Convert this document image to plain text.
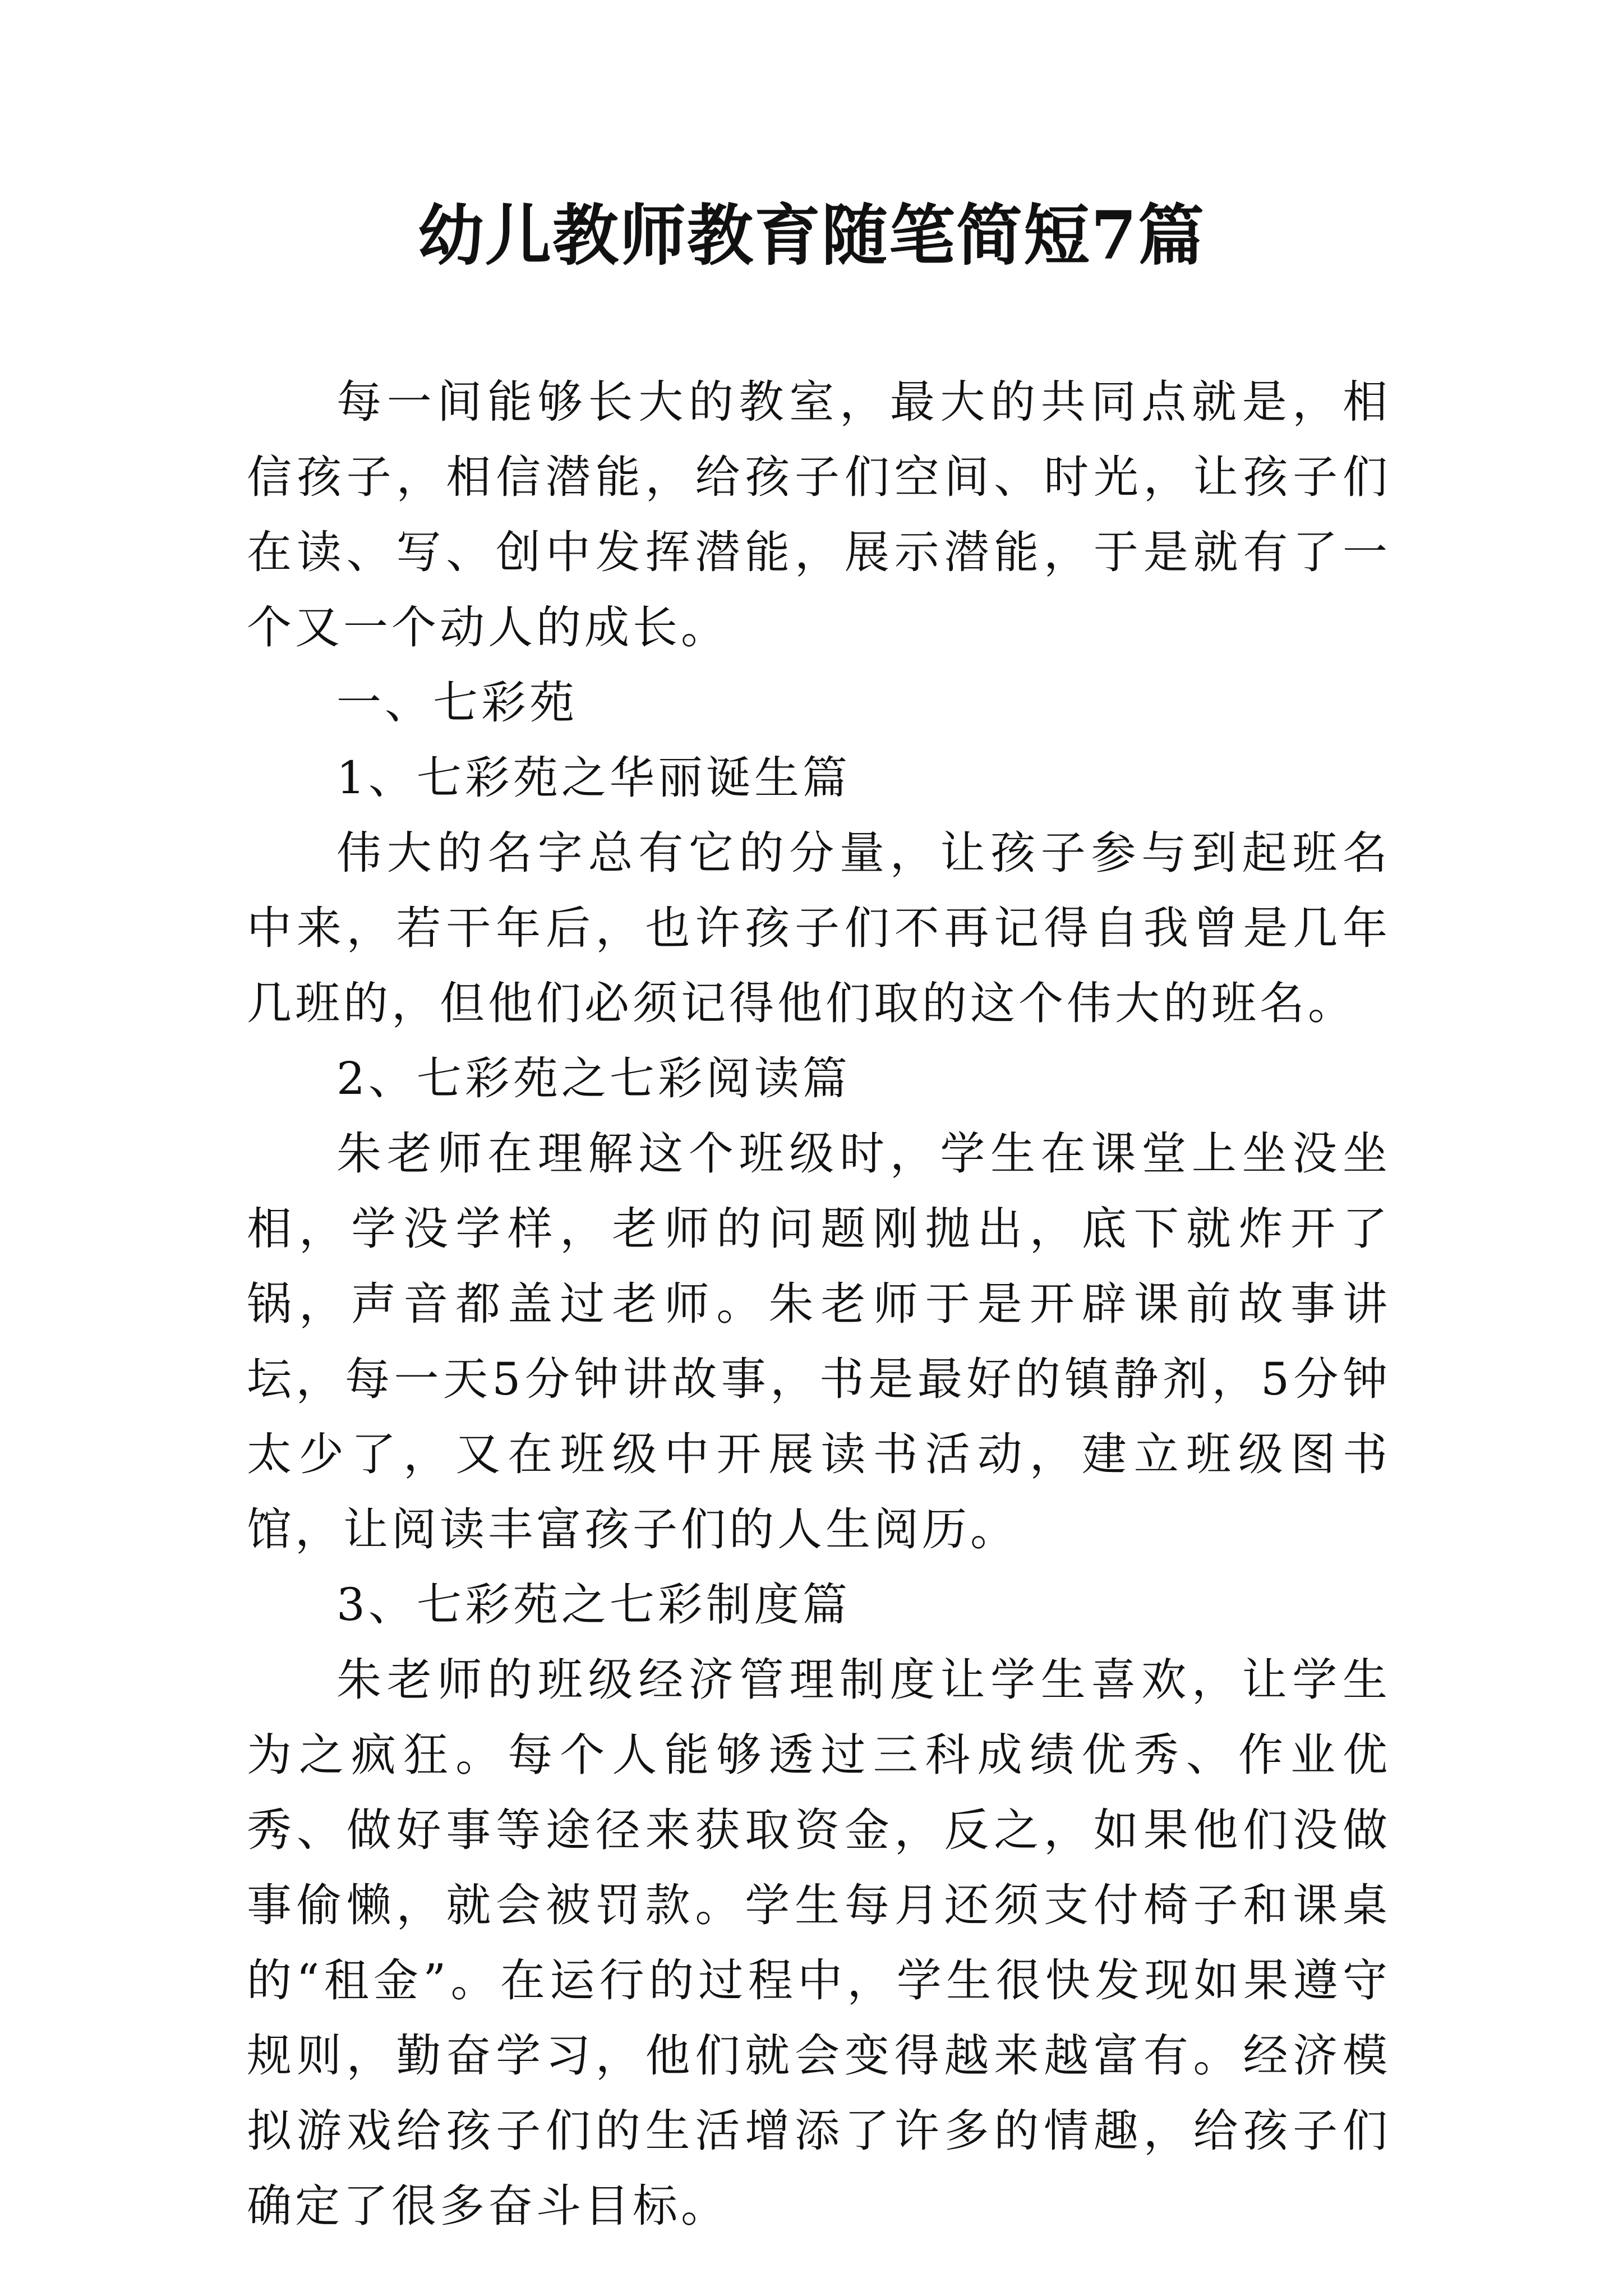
幼儿教师教育随笔简短7篇

每一间能够长大的教室，最大的共同点就是，相信孩子，相信潜能，给孩子们空间、时光，让孩子们在读、写、创中发挥潜能，展示潜能，于是就有了一个又一个动人的成长。

一、七彩苑

1、七彩苑之华丽诞生篇

伟大的名字总有它的分量，让孩子参与到起班名中来，若干年后，也许孩子们不再记得自我曾是几年几班的，但他们必须记得他们取的这个伟大的班名。

2、七彩苑之七彩阅读篇

朱老师在理解这个班级时，学生在课堂上坐没坐相，学没学样，老师的问题刚抛出，底下就炸开了锅，声音都盖过老师。朱老师于是开辟课前故事讲坛，每一天5分钟讲故事，书是最好的镇静剂，5分钟太少了，又在班级中开展读书活动，建立班级图书馆，让阅读丰富孩子们的人生阅历。

3、七彩苑之七彩制度篇

朱老师的班级经济管理制度让学生喜欢，让学生为之疯狂。每个人能够透过三科成绩优秀、作业优秀、做好事等途径来获取资金，反之，如果他们没做事偷懒，就会被罚款。学生每月还须支付椅子和课桌的“租金”。在运行的过程中，学生很快发现如果遵守规则，勤奋学习，他们就会变得越来越富有。经济模拟游戏给孩子们的生活增添了许多的情趣，给孩子们确定了很多奋斗目标。
